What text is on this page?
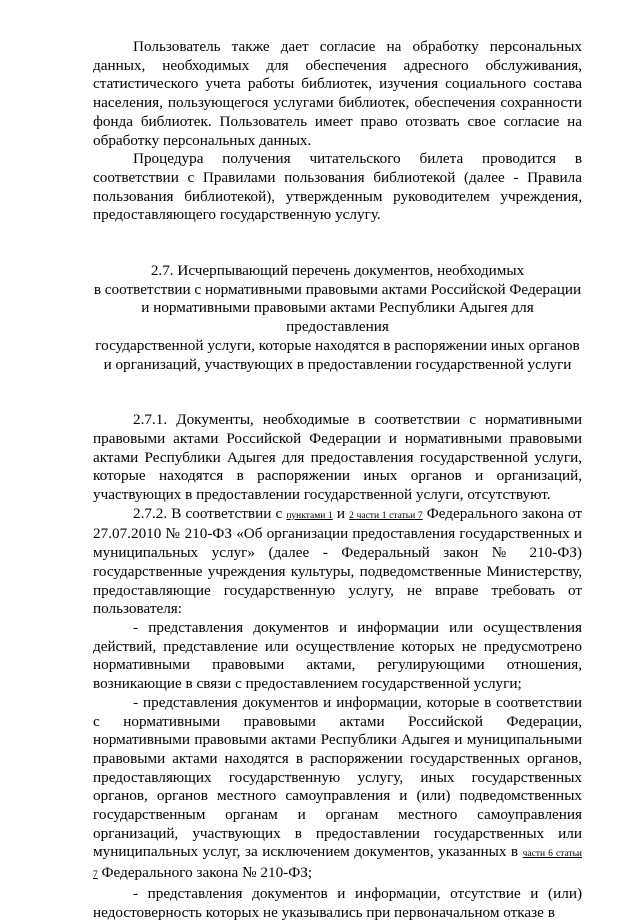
Пользователь также дает согласие на обработку персональных данных, необходимых для обеспечения адресного обслуживания, статистического учета работы библиотек, изучения социального состава населения, пользующегося услугами библиотек, обеспечения сохранности фонда библиотек. Пользователь имеет право отозвать свое согласие на обработку персональных данных.

Процедура получения читательского билета проводится в соответствии с Правилами пользования библиотекой (далее - Правила пользования библиотекой), утвержденным руководителем учреждения, предоставляющего государственную услугу.

2.7. Исчерпывающий перечень документов, необходимых

в соответствии с нормативными правовыми актами Российской Федерации

и нормативными правовыми актами Республики Адыгея для

предоставления

государственной услуги, которые находятся в распоряжении иных органов

и организаций, участвующих в предоставлении государственной услуги

2.7.1. Документы, необходимые в соответствии с нормативными правовыми актами Российской Федерации и нормативными правовыми актами Республики Адыгея для предоставления государственной услуги, которые находятся в распоряжении иных органов и организаций, участвующих в предоставлении государственной услуги, отсутствуют.

2.7.2. В соответствии с пунктами 1 и 2 части 1 статьи 7 Федерального закона от 27.07.2010 № 210-ФЗ «Об организации предоставления государственных и муниципальных услуг» (далее - Федеральный закон № 210-ФЗ) государственные учреждения культуры, подведомственные Министерству, предоставляющие государственную услугу, не вправе требовать от пользователя:

- представления документов и информации или осуществления действий, представление или осуществление которых не предусмотрено нормативными правовыми актами, регулирующими отношения, возникающие в связи с предоставлением государственной услуги;

- представления документов и информации, которые в соответствии с нормативными правовыми актами Российской Федерации, нормативными правовыми актами Республики Адыгея и муниципальными правовыми актами находятся в распоряжении государственных органов, предоставляющих государственную услугу, иных государственных органов, органов местного самоуправления и (или) подведомственных государственным органам и органам местного самоуправления организаций, участвующих в предоставлении государственных или муниципальных услуг, за исключением документов, указанных в части 6 статьи 7 Федерального закона № 210-ФЗ;

- представления документов и информации, отсутствие и (или) недостоверность которых не указывались при первоначальном отказе в
